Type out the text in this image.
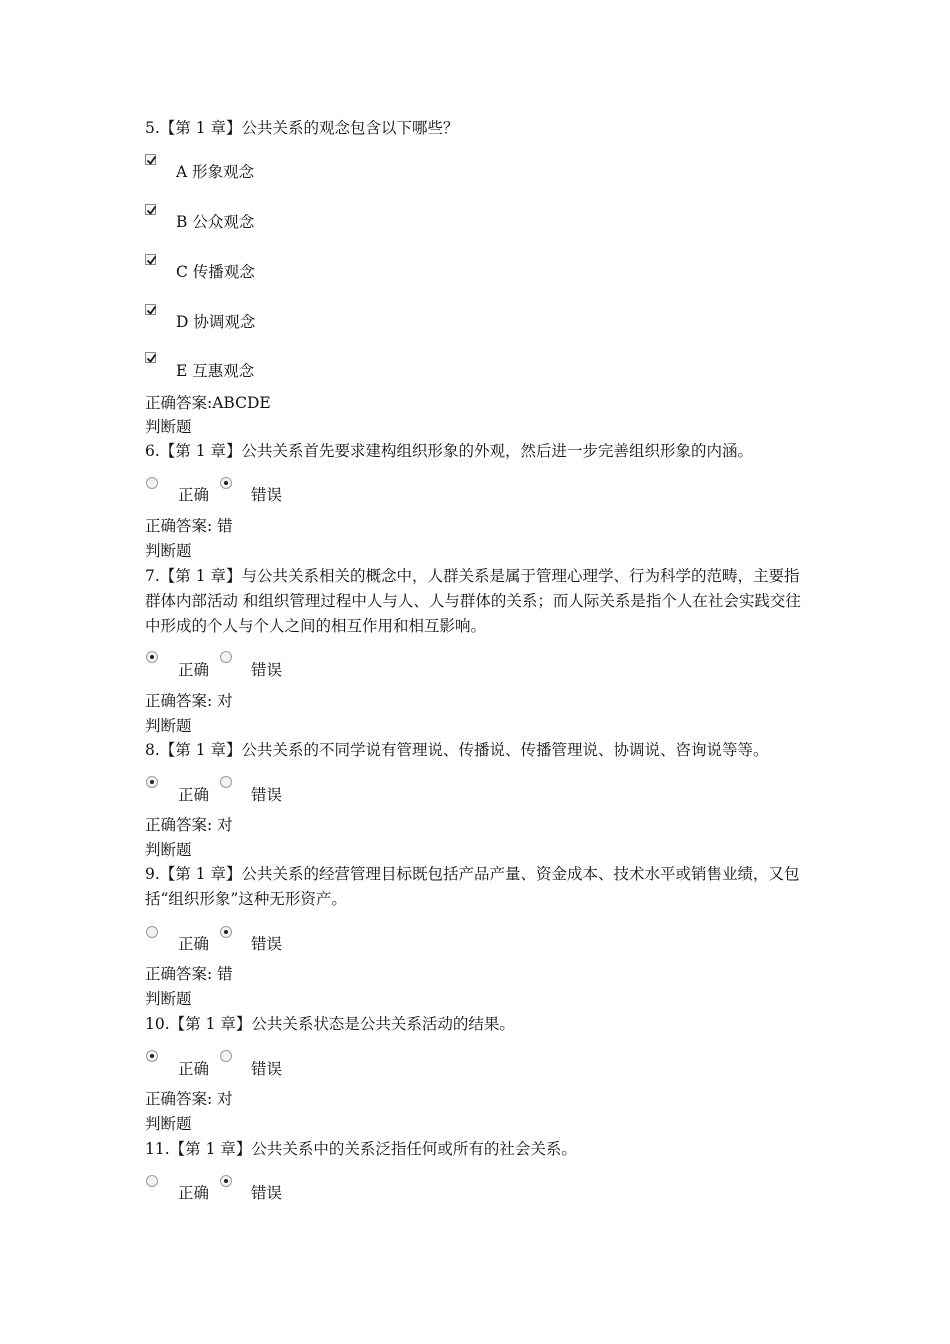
5.【第 1 章】公共关系的观念包含以下哪些？
A 形象观念
B 公众观念
C 传播观念
D 协调观念
E 互惠观念
正确答案:ABCDE
判断题
6.【第 1 章】公共关系首先要求建构组织形象的外观，然后进一步完善组织形象的内涵。
正确	错误
正确答案: 错
判断题
7.【第 1 章】与公共关系相关的概念中，人群关系是属于管理心理学、行为科学的范畴，主要指群体内部活动 和组织管理过程中人与人、人与群体的关系；而人际关系是指个人在社会实践交往中形成的个人与个人之间的相互作用和相互影响。
正确	错误
正确答案: 对
判断题
8.【第 1 章】公共关系的不同学说有管理说、传播说、传播管理说、协调说、咨询说等等。
正确	错误
正确答案: 对
判断题
9.【第 1 章】公共关系的经营管理目标既包括产品产量、资金成本、技术水平或销售业绩，又包括“组织形象”这种无形资产。
正确	错误
正确答案: 错
判断题
10.【第 1 章】公共关系状态是公共关系活动的结果。
正确	错误
正确答案: 对
判断题
11.【第 1 章】公共关系中的关系泛指任何或所有的社会关系。
正确	错误
